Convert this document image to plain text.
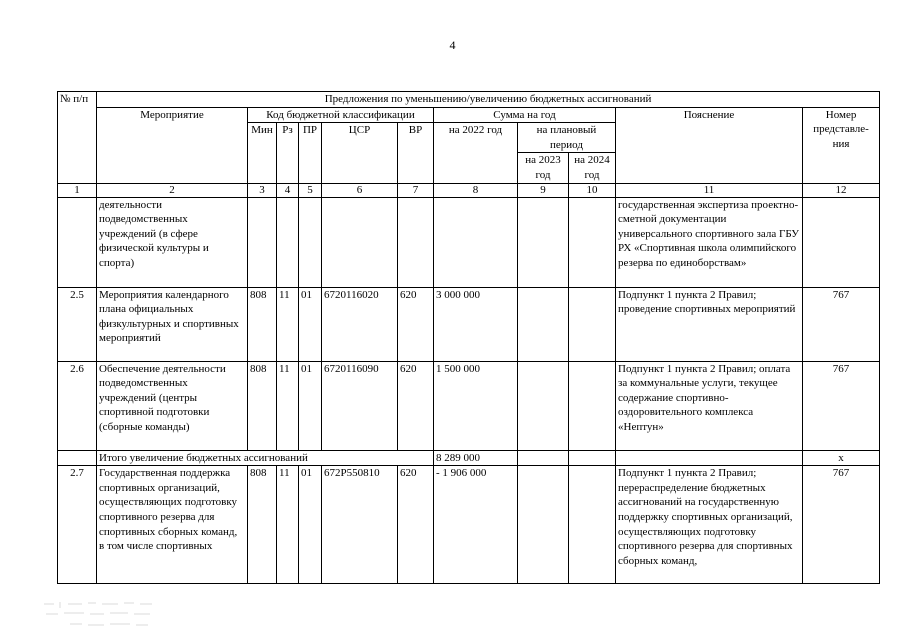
4
№ п/п	Предложения по уменьшению/увеличению бюджетных ассигнований										
	Мероприятие	Код бюджетной классификации					Сумма на год			Пояснение	Номер представле-ния
		Мин	Рз	ПР	ЦСР	ВР	на 2022 год	на плановый период			
								на 2023 год	на 2024 год		
1	2	3	4	5	6	7	8	9	10	11	12
	деятельности подведомственных учреждений (в сфере физической культуры и спорта)									государственная экспертиза проектно-сметной документации универсального спортивного зала ГБУ РХ «Спортивная школа олимпийского резерва по единоборствам»	
2.5	Мероприятия календарного плана официальных физкультурных и спортивных мероприятий	808	11	01	6720116020	620	3 000 000			Подпункт 1 пункта 2 Правил; проведение спортивных мероприятий	767
2.6	Обеспечение деятельности подведомственных учреждений (центры спортивной подготовки (сборные команды)	808	11	01	6720116090	620	1 500 000			Подпункт 1 пункта 2 Правил; оплата за коммунальные услуги, текущее содержание спортивно-оздоровительного комплекса «Нептун»	767
	Итого увеличение бюджетных ассигнований						8 289 000				x
2.7	Государственная поддержка спортивных организаций, осуществляющих подготовку спортивного резерва для спортивных сборных команд, в том числе спортивных	808	11	01	672Р550810	620	- 1 906 000			Подпункт 1 пункта 2 Правил; перераспределение бюджетных ассигнований на государственную поддержку спортивных организаций, осуществляющих подготовку спортивного резерва для спортивных сборных команд,	767
